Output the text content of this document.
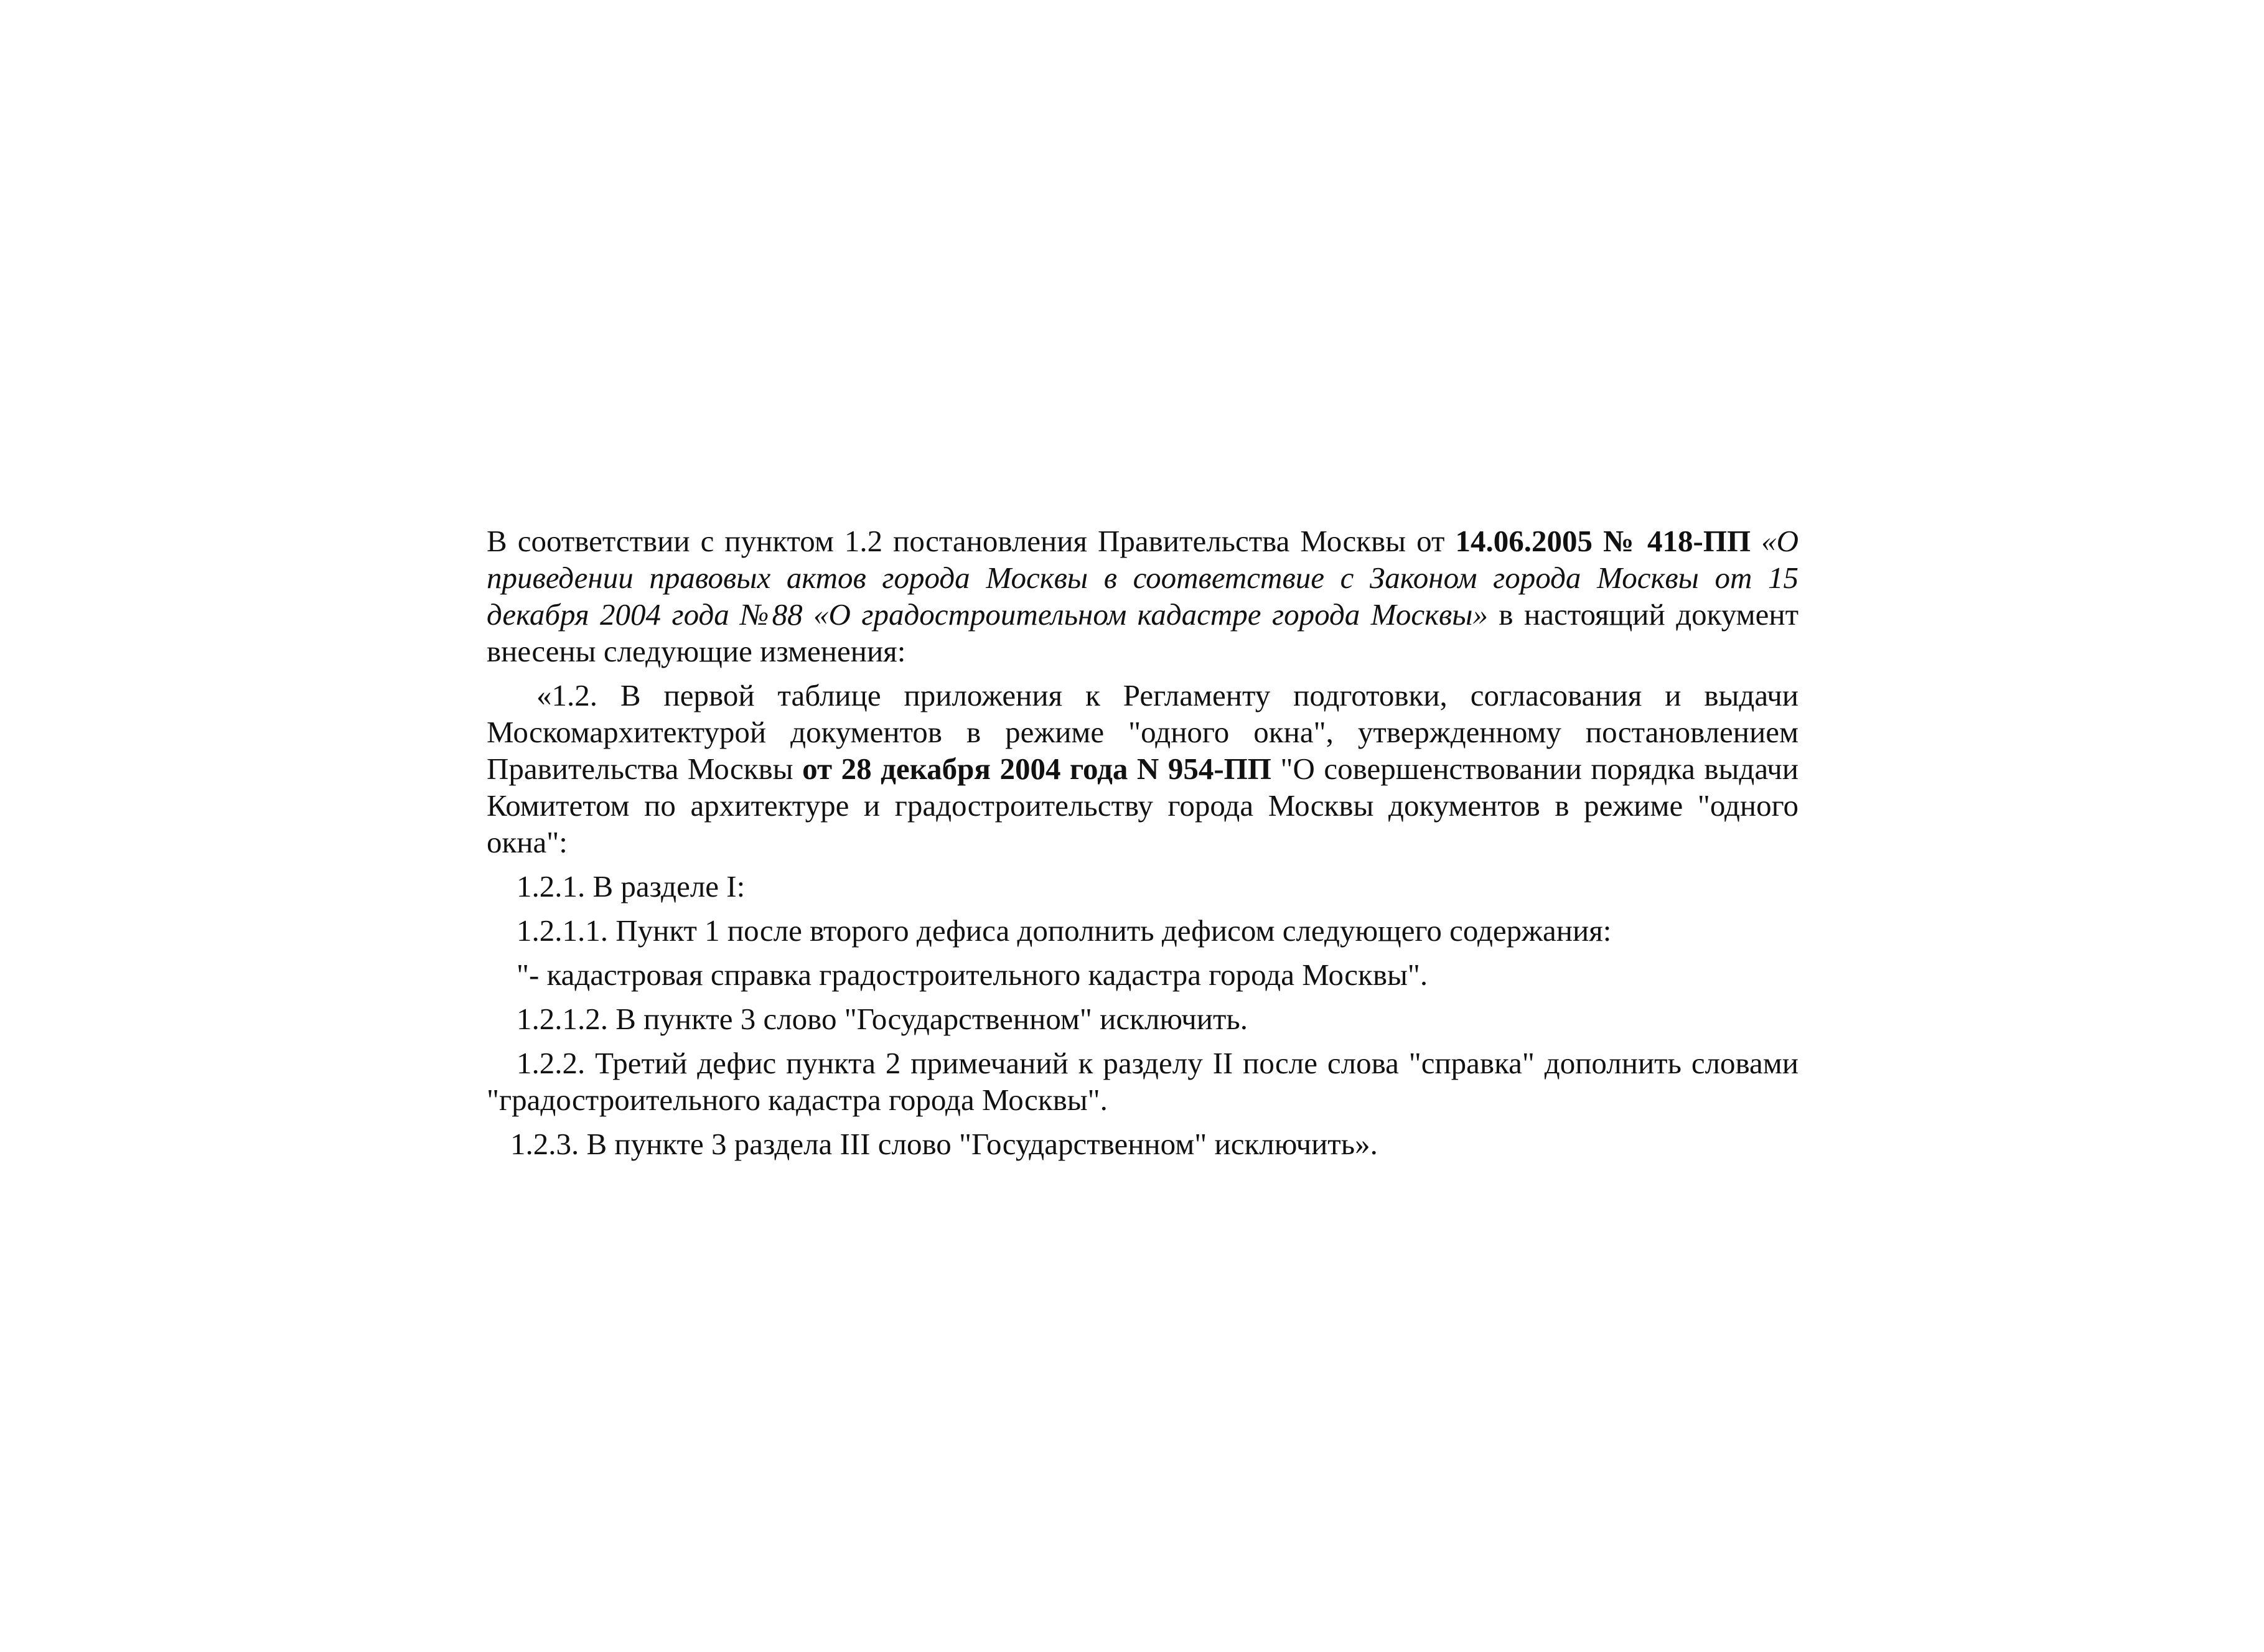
В соответствии с пунктом 1.2 постановления Правительства Москвы от 14.06.2005 № 418-ПП «О приведении правовых актов города Москвы в соответствие с Законом города Москвы от 15 декабря 2004 года №88 «О градостроительном кадастре города Москвы» в настоящий документ внесены следующие изменения:

«1.2. В первой таблице приложения к Регламенту подготовки, согласования и выдачи Москомархитектурой документов в режиме "одного окна", утвержденному постановлением Правительства Москвы от 28 декабря 2004 года N 954-ПП "О совершенствовании порядка выдачи Комитетом по архитектуре и градостроительству города Москвы документов в режиме "одного окна":

1.2.1. В разделе I:

1.2.1.1. Пункт 1 после второго дефиса дополнить дефисом следующего содержания:

"- кадастровая справка градостроительного кадастра города Москвы".

1.2.1.2. В пункте 3 слово "Государственном" исключить.

1.2.2. Третий дефис пункта 2 примечаний к разделу II после слова "справка" дополнить словами "градостроительного кадастра города Москвы".

1.2.3. В пункте 3 раздела III слово "Государственном" исключить».
